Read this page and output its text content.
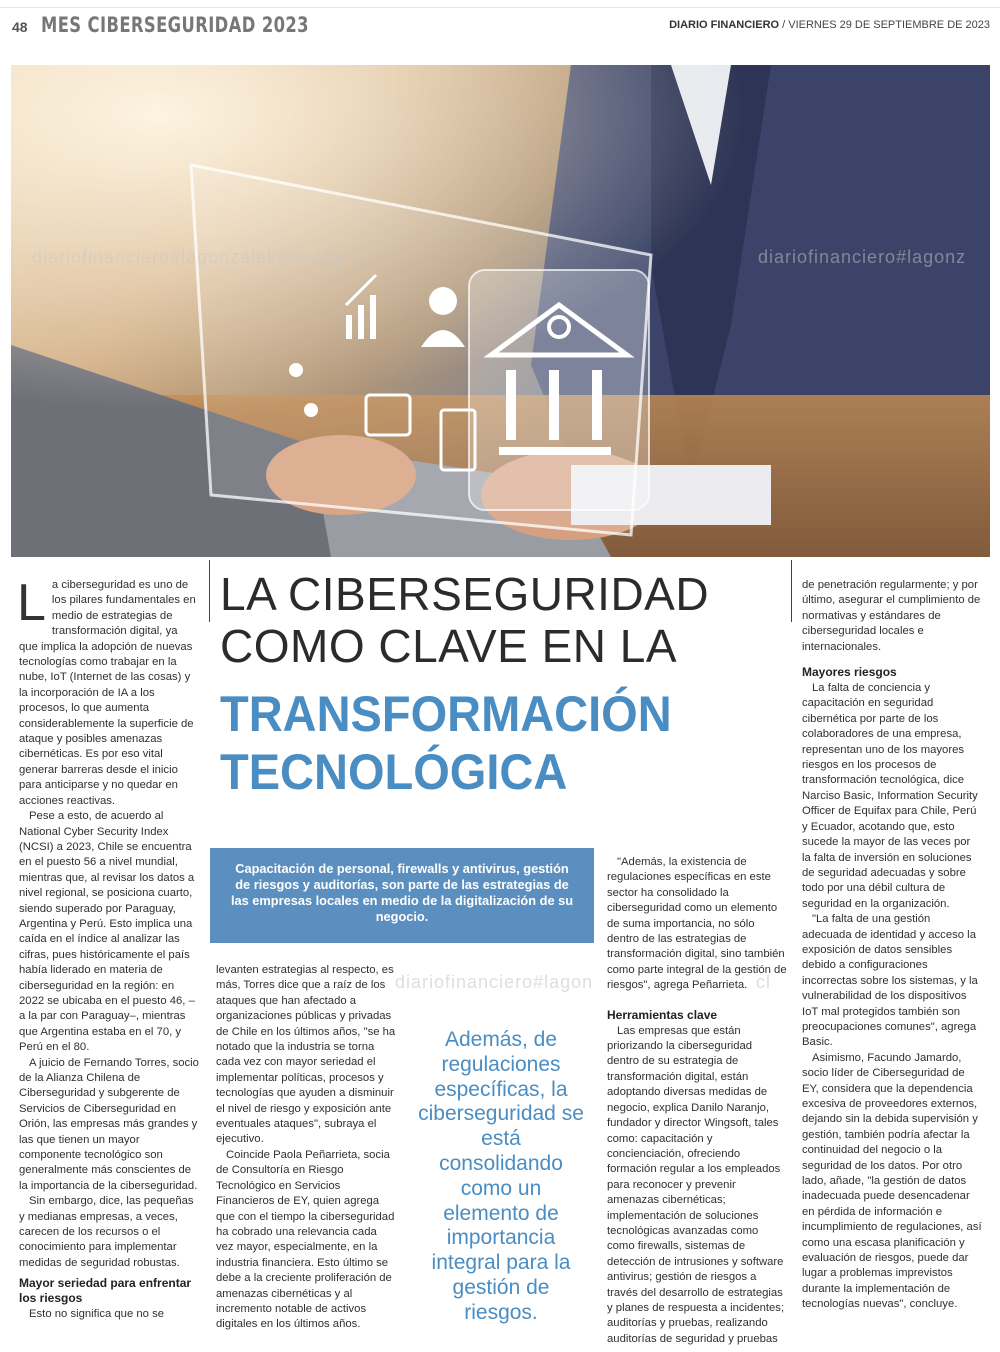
48 MES CIBERSEGURIDAD 2023	DIARIO FINANCIERO / VIERNES 29 DE SEPTIEMBRE DE 2023
diariofinanciero#lagonzalek@e-clip.cl	diariofinanciero#lagonz
diariofinanciero#lagon	cl
L a ciberseguridad es uno de los pilares fundamentales en medio de estrategias de transformación digital, ya que implica la adopción de nuevas tecnologías como trabajar en la nube, IoT (Internet de las cosas) y la incorporación de IA a los procesos, lo que aumenta considerablemente la superficie de ataque y posibles amenazas cibernéticas. Es por eso vital generar barreras desde el inicio para anticiparse y no quedar en acciones reactivas.

Pese a esto, de acuerdo al National Cyber Security Index (NCSI) a 2023, Chile se encuentra en el puesto 56 a nivel mundial, mientras que, al revisar los datos a nivel regional, se posiciona cuarto, siendo superado por Paraguay, Argentina y Perú. Esto implica una caída en el índice al analizar las cifras, pues históricamente el país había liderado en materia de ciberseguridad en la región: en 2022 se ubicaba en el puesto 46, –a la par con Paraguay–, mientras que Argentina estaba en el 70, y Perú en el 80.

A juicio de Fernando Torres, socio de la Alianza Chilena de Ciberseguridad y subgerente de Servicios de Ciberseguridad en Orión, las empresas más grandes y las que tienen un mayor componente tecnológico son generalmente más conscientes de la importancia de la ciberseguridad.

Sin embargo, dice, las pequeñas y medianas empresas, a veces, carecen de los recursos o el conocimiento para implementar medidas de seguridad robustas.

Mayor seriedad para enfrentar los riesgos

Esto no significa que no se

LA CIBERSEGURIDAD
COMO CLAVE EN LA
TRANSFORMACIÓN
TECNOLÓGICA
Capacitación de personal, firewalls y antivirus, gestión de riesgos y auditorías, son parte de las estrategias de las empresas locales en medio de la digitalización de su negocio.

levanten estrategias al respecto, es más, Torres dice que a raíz de los ataques que han afectado a organizaciones públicas y privadas de Chile en los últimos años, "se ha notado que la industria se torna cada vez con mayor seriedad el implementar políticas, procesos y tecnologías que ayuden a disminuir el nivel de riesgo y exposición ante eventuales ataques", subraya el ejecutivo.

Coincide Paola Peñarrieta, socia de Consultoría en Riesgo Tecnológico en Servicios Financieros de EY, quien agrega que con el tiempo la ciberseguridad ha cobrado una relevancia cada vez mayor, especialmente, en la industria financiera. Esto último se debe a la creciente proliferación de amenazas cibernéticas y al incremento notable de activos digitales en los últimos años.

Además, de regulaciones específicas, la ciberseguridad se está consolidando como un elemento de importancia integral para la gestión de riesgos.

"Además, la existencia de regulaciones específicas en este sector ha consolidado la ciberseguridad como un elemento de suma importancia, no sólo dentro de las estrategias de transformación digital, sino también como parte integral de la gestión de riesgos", agrega Peñarrieta.

Herramientas clave

Las empresas que están priorizando la ciberseguridad dentro de su estrategia de transformación digital, están adoptando diversas medidas de negocio, explica Danilo Naranjo, fundador y director Wingsoft, tales como: capacitación y concienciación, ofreciendo formación regular a los empleados para reconocer y prevenir amenazas cibernéticas; implementación de soluciones tecnológicas avanzadas como como firewalls, sistemas de detección de intrusiones y software antivirus; gestión de riesgos a través del desarrollo de estrategias y planes de respuesta a incidentes; auditorías y pruebas, realizando auditorías de seguridad y pruebas

de penetración regularmente; y por último, asegurar el cumplimiento de normativas y estándares de ciberseguridad locales e internacionales.

Mayores riesgos

La falta de conciencia y capacitación en seguridad cibernética por parte de los colaboradores de una empresa, representan uno de los mayores riesgos en los procesos de transformación tecnológica, dice Narciso Basic, Information Security Officer de Equifax para Chile, Perú y Ecuador, acotando que, esto sucede la mayor de las veces por la falta de inversión en soluciones de seguridad adecuadas y sobre todo por una débil cultura de seguridad en la organización.

"La falta de una gestión adecuada de identidad y acceso la exposición de datos sensibles debido a configuraciones incorrectas sobre los sistemas, y la vulnerabilidad de los dispositivos IoT mal protegidos también son preocupaciones comunes", agrega Basic.

Asimismo, Facundo Jamardo, socio líder de Ciberseguridad de EY, considera que la dependencia excesiva de proveedores externos, dejando sin la debida supervisión y gestión, también podría afectar la continuidad del negocio o la seguridad de los datos. Por otro lado, añade, "la gestión de datos inadecuada puede desencadenar en pérdida de información e incumplimiento de regulaciones, así como una escasa planificación y evaluación de riesgos, puede dar lugar a problemas imprevistos durante la implementación de tecnologías nuevas", concluye.
